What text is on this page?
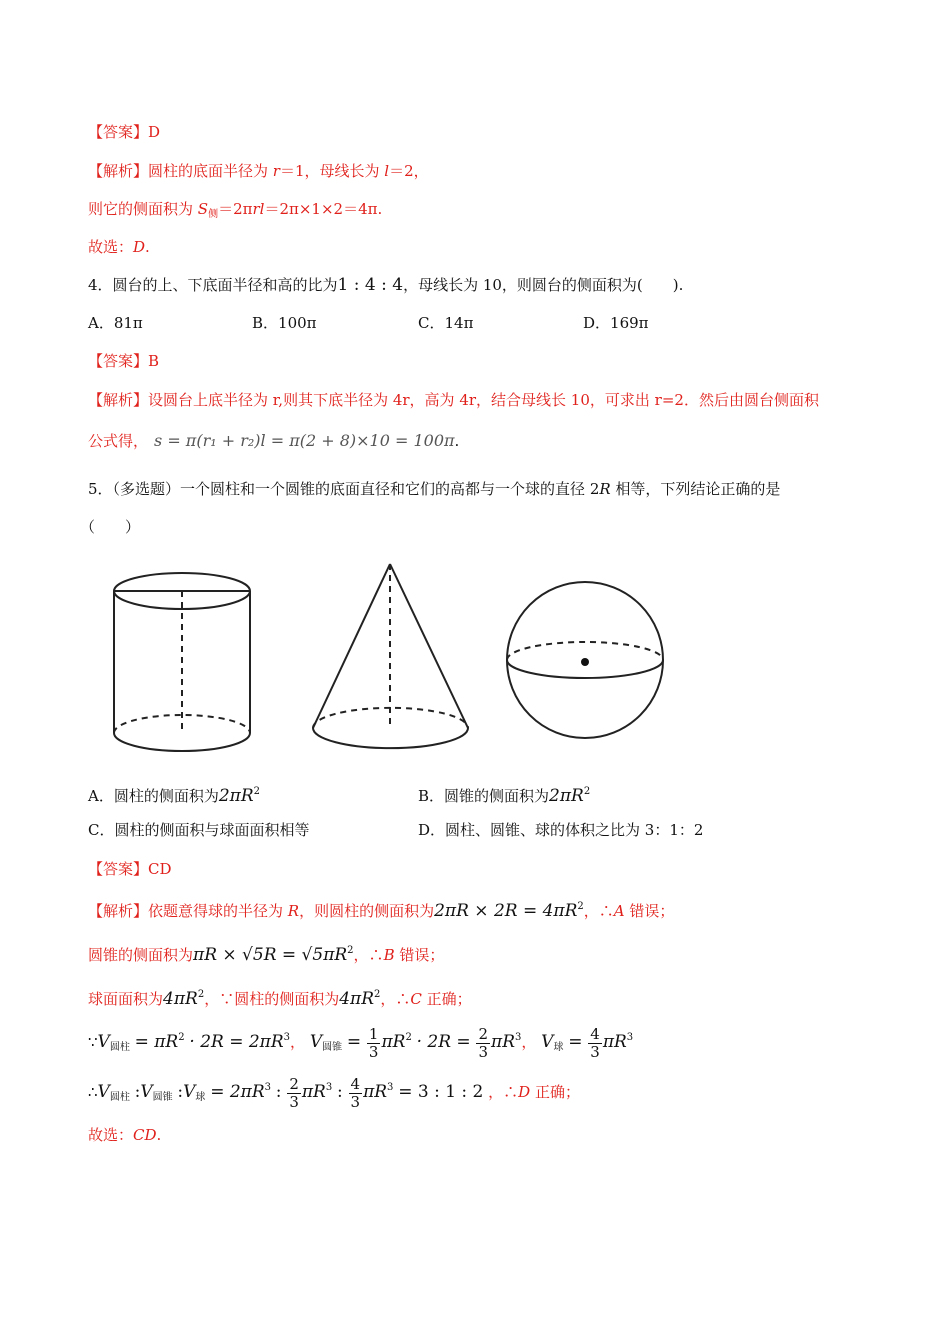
【答案】D
【解析】圆柱的底面半径为 r＝1，母线长为 l＝2，
则它的侧面积为 $S_侧=2\pi rl=2\pi\times 1\times 2=4\pi$.
故选：D.
4．圆台的上、下底面半径和高的比为1 : 4 : 4，母线长为 10，则圆台的侧面积为(　　).
A．81π	B．100π	C．14π	D．169π
【答案】B
【解析】设圆台上底半径为 r,则其下底半径为 4r，高为 4r，结合母线长 10，可求出 r=2．然后由圆台侧面积
公式得， s = π(r₁ + r₂)l = π(2 + 8)×10 = 100π.
5．（多选题）一个圆柱和一个圆锥的底面直径和它们的高都与一个球的直径 2R 相等，下列结论正确的是
（　　）
A．圆柱的侧面积为$2\pi R^2$	B．圆锥的侧面积为$2\pi R^2$
C．圆柱的侧面积与球面面积相等	D．圆柱、圆锥、球的体积之比为 3：1：2
【答案】CD
【解析】依题意得球的半径为 R，则圆柱的侧面积为$2\pi R \times 2R = 4\pi R^2$，∴A 错误；
圆锥的侧面积为$\pi R \times √5R = √5\pi R^2$，∴B 错误；
球面面积为$4\pi R^2$，∵圆柱的侧面积为$4\pi R^2$，∴C 正确；
$\because V_{圆柱} = \pi R^2 \cdot 2R = 2\pi R^3$， $V_{圆锥} = \frac{1}{3} \pi R^2 \cdot 2R = \frac{2}{3} \pi R^3$， $V_球 = \frac{4}{3} \pi R^3$
$\therefore V_{圆柱}$ $:V_{圆锥}$ $:V_球 = 2\pi R^3$ : $\frac{2}{3} \pi R^3$ : $\frac{4}{3} \pi R^3 = 3$ : 1 : 2 ，∴D 正确；
故选：CD.
